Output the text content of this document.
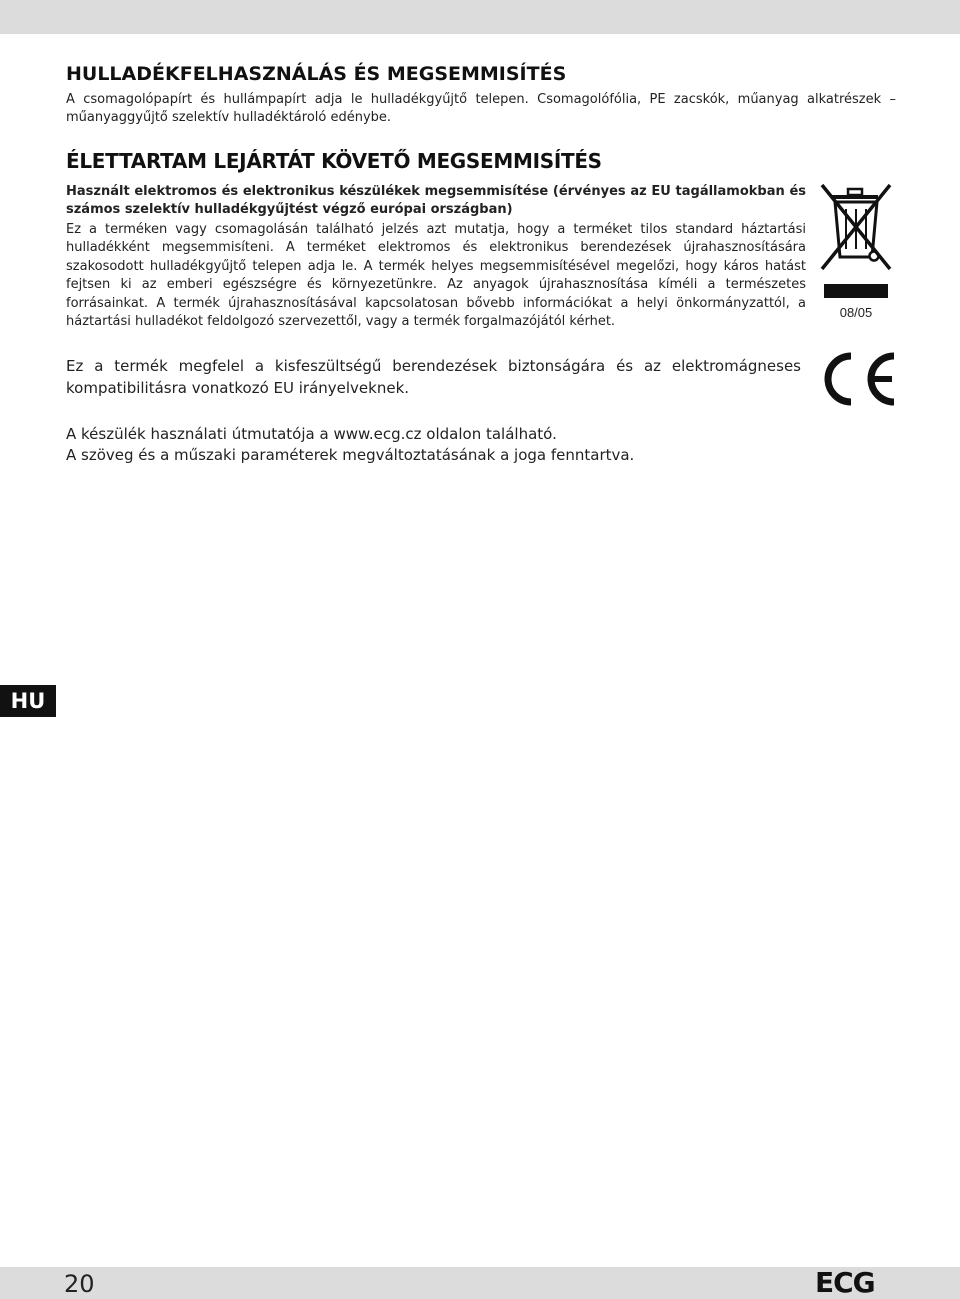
HULLADÉKFELHASZNÁLÁS ÉS MEGSEMMISÍTÉS

A csomagolópapírt és hullámpapírt adja le hulladékgyűjtő telepen. Csomagolófólia, PE zacskók, műanyag alkatrészek – műanyaggyűjtő szelektív hulladéktároló edénybe.

ÉLETTARTAM LEJÁRTÁT KÖVETŐ MEGSEMMISÍTÉS

Használt elektromos és elektronikus készülékek megsemmisítése (érvényes az EU tagállamokban és számos szelektív hulladékgyűjtést végző európai országban)

Ez a terméken vagy csomagolásán található jelzés azt mutatja, hogy a terméket tilos standard háztartási hulladékként megsemmisíteni. A terméket elektromos és elektronikus berendezések újrahasznosítására szakosodott hulladékgyűjtő telepen adja le. A termék helyes megsemmisítésével megelőzi, hogy káros hatást fejtsen ki az emberi egészségre és környezetünkre. Az anyagok újrahasznosítása kíméli a természetes forrásainkat. A termék újrahasznosításával kapcsolatosan bővebb információkat a helyi önkormányzattól, a háztartási hulladékot feldolgozó szervezettől, vagy a termék forgalmazójától kérhet.

08/05

Ez a termék megfelel a kisfeszültségű berendezések biztonságára és az elektromágneses kompatibilitásra vonatkozó EU irányelveknek.

A készülék használati útmutatója a www.ecg.cz oldalon található.
A szöveg és a műszaki paraméterek megváltoztatásának a joga fenntartva.
HU
20	ECG
